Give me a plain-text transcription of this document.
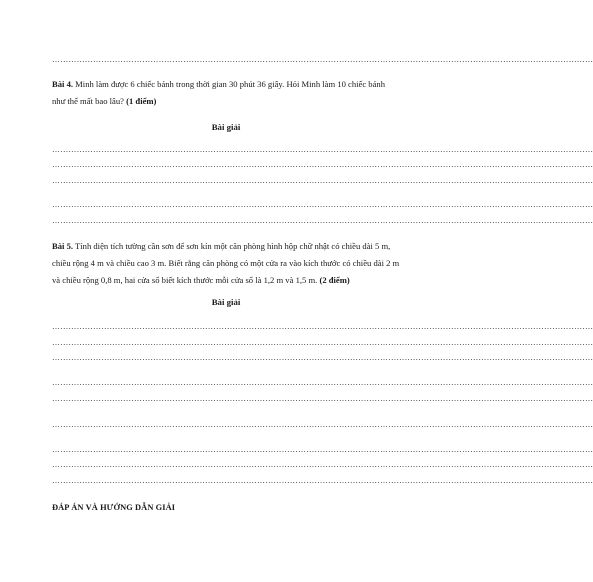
………………………………………………………………………………………………………………………………………………………………………………
Bài 4. Minh làm được 6 chiếc bánh trong thời gian 30 phút 36 giây. Hỏi Minh làm 10 chiếc bánh như thế mất bao lâu? (1 điểm)
Bài giải
………………………………………………………………………………………………………………………………………………………………………………
………………………………………………………………………………………………………………………………………………………………………………
………………………………………………………………………………………………………………………………………………………………………………
………………………………………………………………………………………………………………………………………………………………………………
………………………………………………………………………………………………………………………………………………………………………………
Bài 5. Tính diện tích tường cần sơn để sơn kín một căn phòng hình hộp chữ nhật có chiều dài 5 m, chiều rộng 4 m và chiều cao 3 m. Biết rằng căn phòng có một cửa ra vào kích thước có chiều dài 2 m và chiều rộng 0,8 m, hai cửa sổ biết kích thước mỗi cửa sổ là 1,2 m và 1,5 m. (2 điểm)
Bài giải
………………………………………………………………………………………………………………………………………………………………………………
………………………………………………………………………………………………………………………………………………………………………………
………………………………………………………………………………………………………………………………………………………………………………
………………………………………………………………………………………………………………………………………………………………………………
………………………………………………………………………………………………………………………………………………………………………………
………………………………………………………………………………………………………………………………………………………………………………
………………………………………………………………………………………………………………………………………………………………………………
………………………………………………………………………………………………………………………………………………………………………………
………………………………………………………………………………………………………………………………………………………………………………
ĐÁP ÁN VÀ HƯỚNG DẪN GIẢI
